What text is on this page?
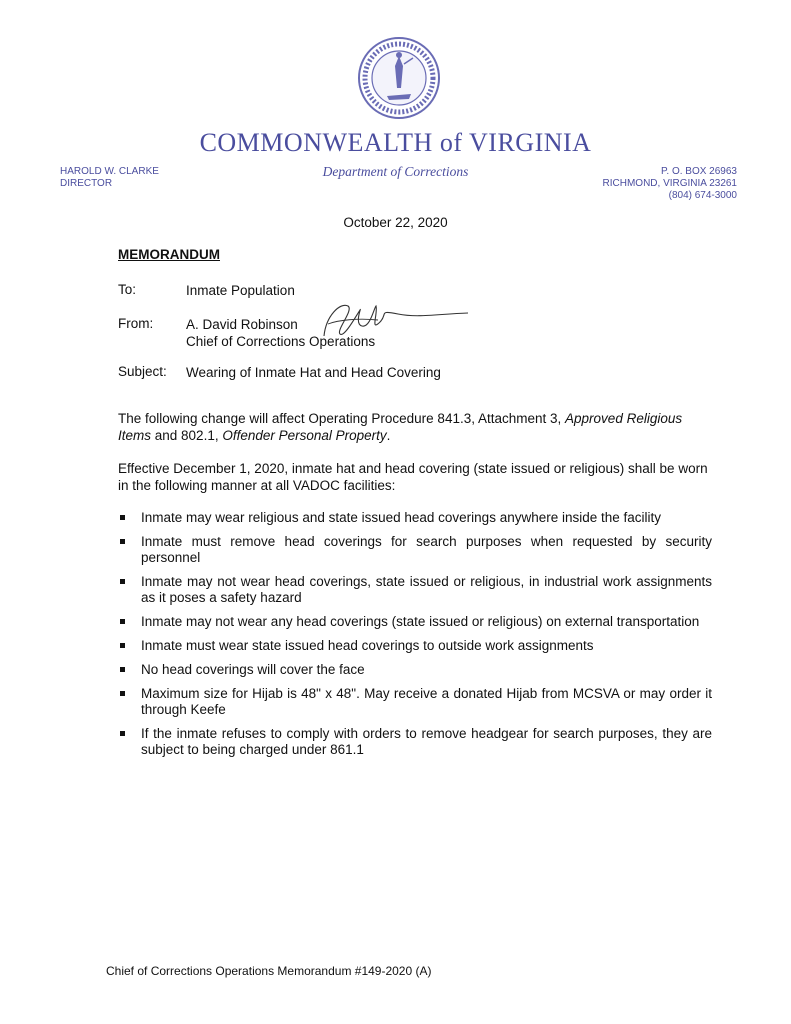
COMMONWEALTH of VIRGINIA
Department of Corrections
HAROLD W. CLARKE
DIRECTOR
P. O. BOX 26963
RICHMOND, VIRGINIA 23261
(804) 674-3000
October 22, 2020
MEMORANDUM
To:	Inmate Population
From: A. David Robinson
Chief of Corrections Operations
Subject: Wearing of Inmate Hat and Head Covering
The following change will affect Operating Procedure 841.3, Attachment 3, Approved Religious Items and 802.1, Offender Personal Property.
Effective December 1, 2020, inmate hat and head covering (state issued or religious) shall be worn in the following manner at all VADOC facilities:
Inmate may wear religious and state issued head coverings anywhere inside the facility
Inmate must remove head coverings for search purposes when requested by security personnel
Inmate may not wear head coverings, state issued or religious, in industrial work assignments as it poses a safety hazard
Inmate may not wear any head coverings (state issued or religious) on external transportation
Inmate must wear state issued head coverings to outside work assignments
No head coverings will cover the face
Maximum size for Hijab is 48" x 48". May receive a donated Hijab from MCSVA or may order it through Keefe
If the inmate refuses to comply with orders to remove headgear for search purposes, they are subject to being charged under 861.1
Chief of Corrections Operations Memorandum #149-2020 (A)
